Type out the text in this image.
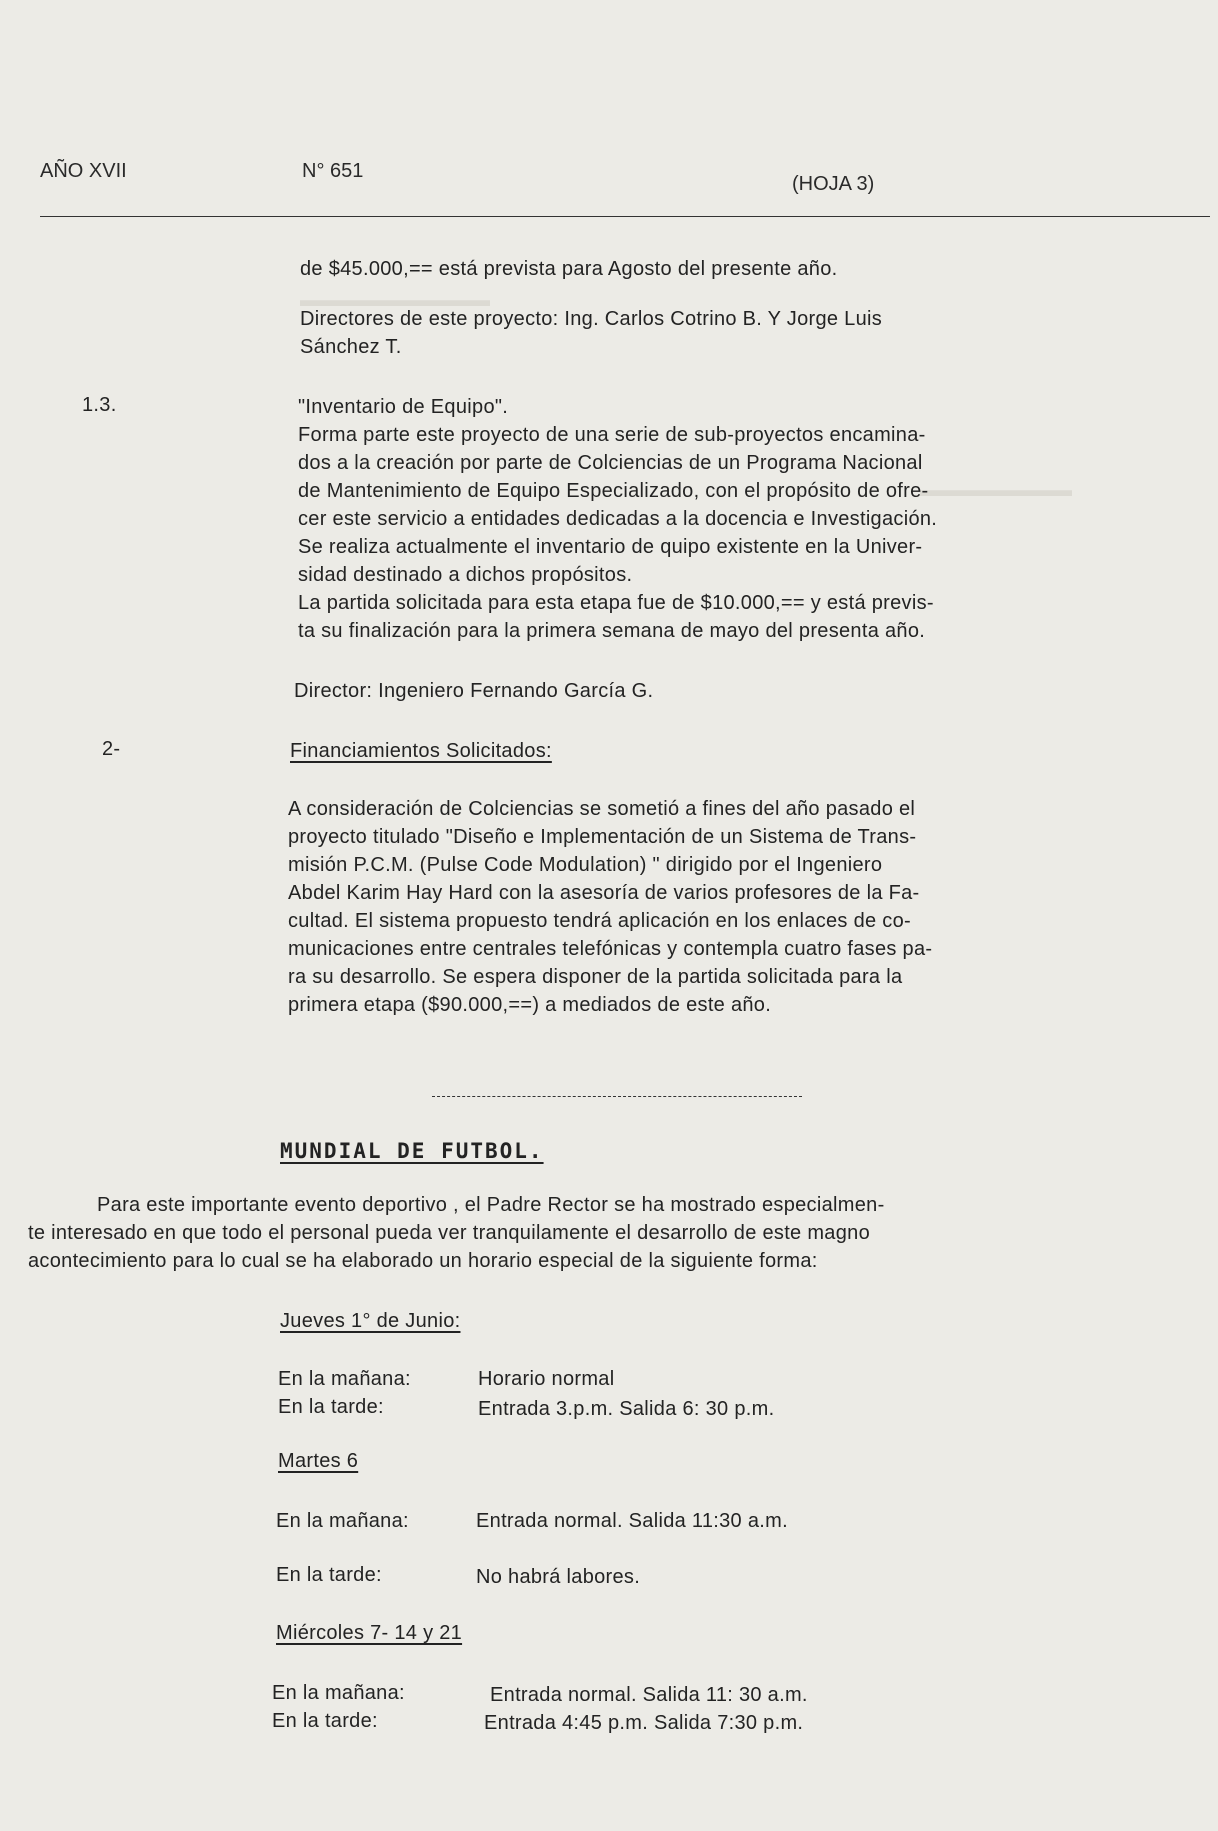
▬▬▬▬▬▬▬▬▬▬
▬▬▬▬▬▬▬▬
AÑO XVII	N° 651
(HOJA 3)
de $45.000,== está prevista para Agosto del presente año.
Directores de este proyecto: Ing. Carlos Cotrino B. Y Jorge Luis
Sánchez T.
1.3.	"Inventario de Equipo".
Forma parte este proyecto de una serie de sub-proyectos encamina-
dos a la creación por parte de Colciencias de un Programa Nacional
de Mantenimiento de Equipo Especializado, con el propósito de ofre-
cer este servicio a entidades dedicadas a la docencia e Investigación.
Se realiza actualmente el inventario de quipo existente en la Univer-
sidad destinado a dichos propósitos.
La partida solicitada para esta etapa fue de $10.000,== y está previs-
ta su finalización para la primera semana de mayo del presenta año.
Director: Ingeniero Fernando García G.
2-	Financiamientos Solicitados:
A consideración de Colciencias se sometió a fines del año pasado el
proyecto titulado "Diseño e Implementación de un Sistema de Trans-
misión P.C.M. (Pulse Code Modulation) " dirigido por el Ingeniero
Abdel Karim Hay Hard con la asesoría de varios profesores de la Fa-
cultad. El sistema propuesto tendrá aplicación en los enlaces de co-
municaciones entre centrales telefónicas y contempla cuatro fases pa-
ra su desarrollo. Se espera disponer de la partida solicitada para la
primera etapa ($90.000,==) a mediados de este año.
MUNDIAL DE FUTBOL.
Para este importante evento deportivo , el Padre Rector se ha mostrado especialmen-
te interesado en que todo el personal pueda ver tranquilamente el desarrollo de este magno
acontecimiento para lo cual se ha elaborado un horario especial de la siguiente forma:
Jueves 1° de Junio:
En la mañana:	Horario normal
En la tarde:	Entrada 3.p.m. Salida 6: 30 p.m.
Martes 6
En la mañana:	Entrada normal. Salida 11:30 a.m.
En la tarde:	No habrá labores.
Miércoles 7- 14 y 21
En la mañana:	Entrada normal. Salida 11: 30 a.m.
En la tarde:	Entrada 4:45 p.m. Salida 7:30 p.m.
